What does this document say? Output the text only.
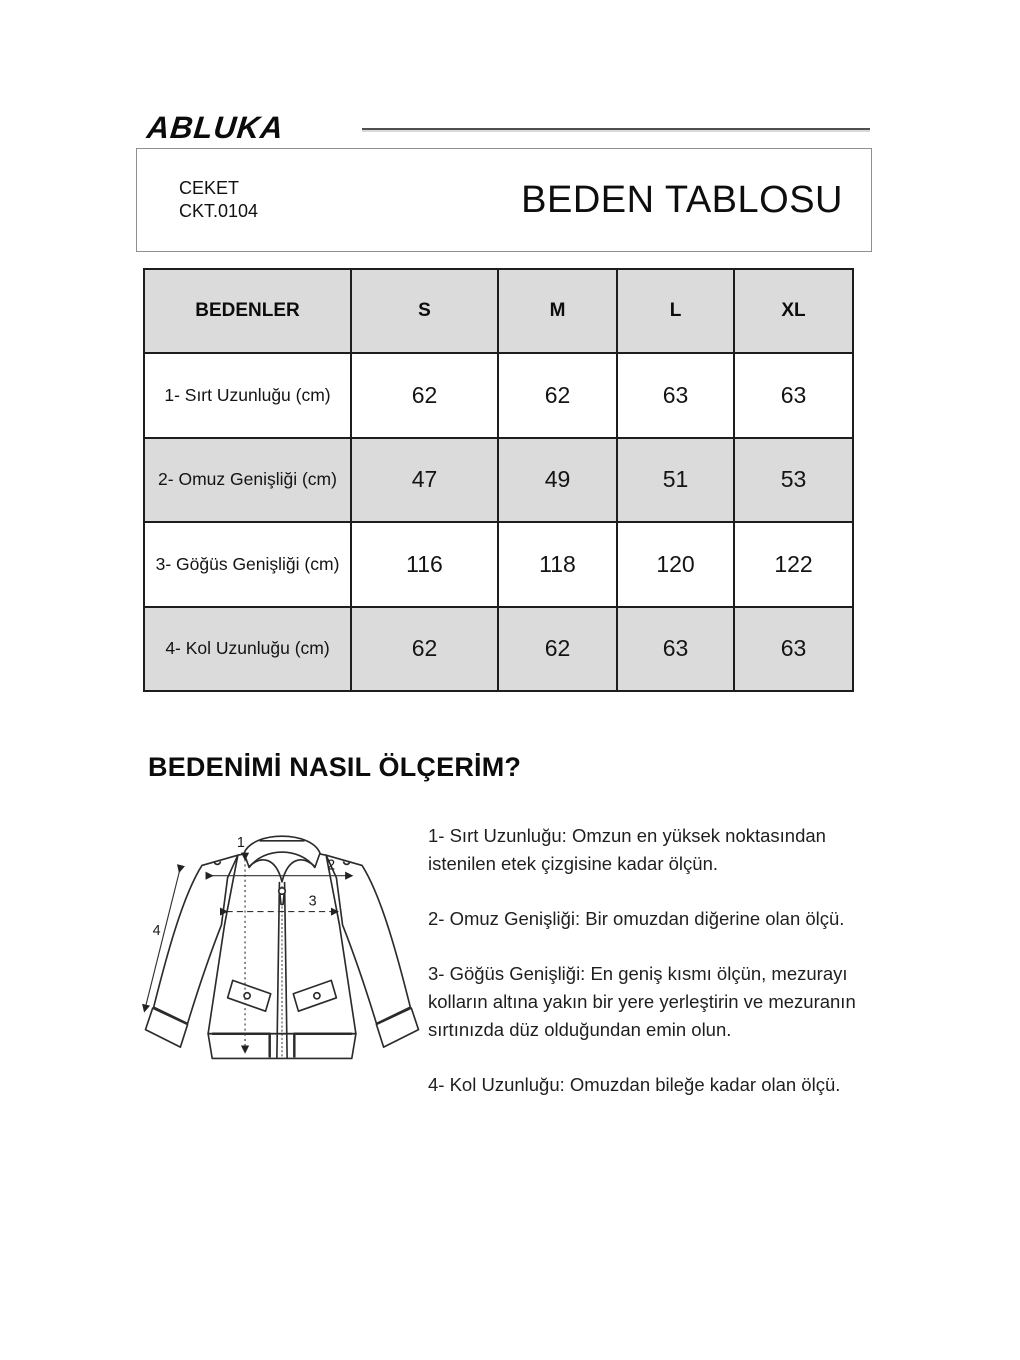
ABLUKA
CEKET
CKT.0104	BEDEN TABLOSU
BEDENLER	S	M	L	XL
1- Sırt Uzunluğu (cm)	62	62	63	63
2- Omuz Genişliği (cm)	47	49	51	53
3- Göğüs Genişliği (cm)	116	118	120	122
4- Kol Uzunluğu (cm)	62	62	63	63
BEDENİMİ NASIL ÖLÇERİM?
1
2
3
4

1- Sırt Uzunluğu: Omzun en yüksek noktasından istenilen etek çizgisine kadar ölçün.

2- Omuz Genişliği: Bir omuzdan diğerine olan ölçü.

3- Göğüs Genişliği: En geniş kısmı ölçün, mezurayı kolların altına yakın bir yere yerleştirin ve mezuranın sırtınızda düz olduğundan emin olun.

4- Kol Uzunluğu: Omuzdan bileğe kadar olan ölçü.
